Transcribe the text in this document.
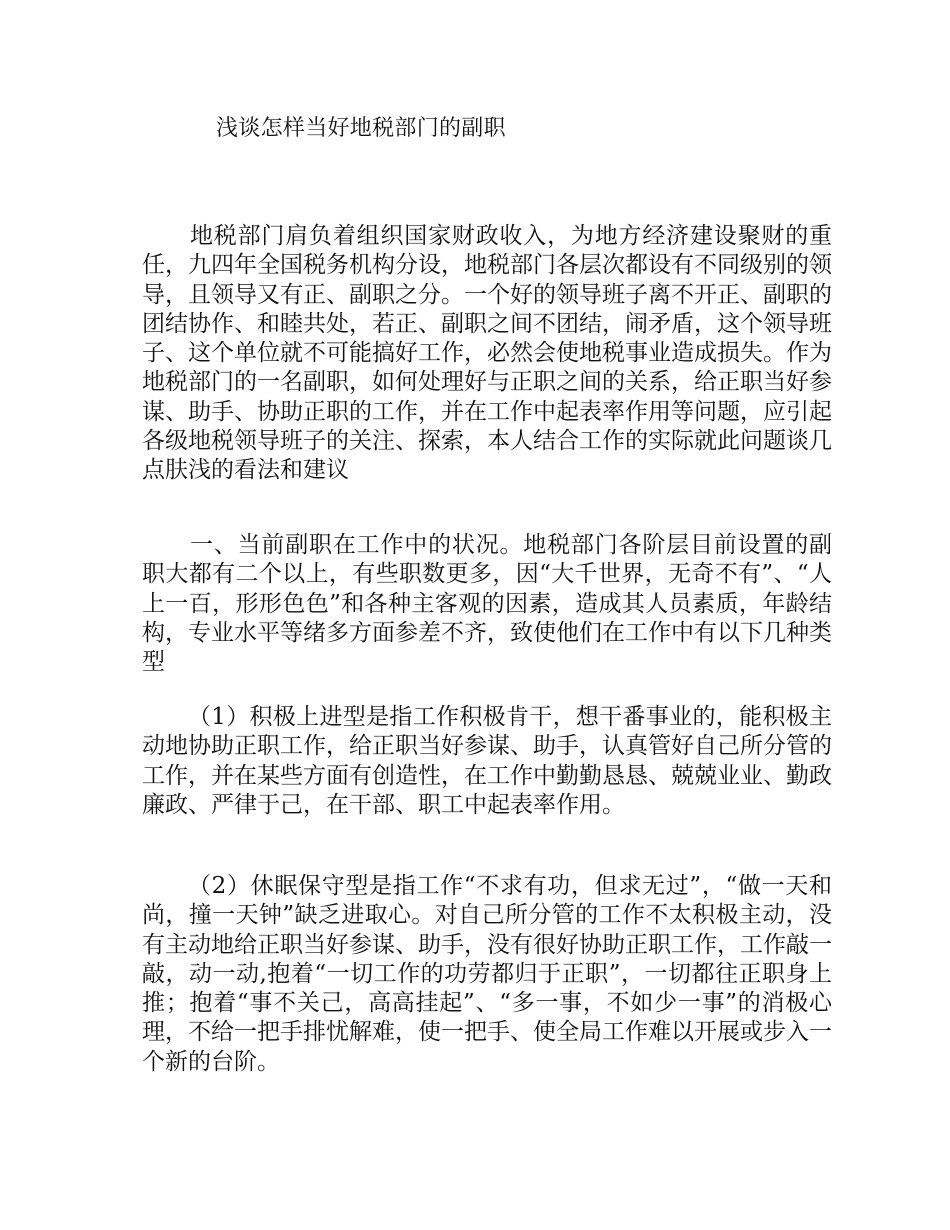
浅谈怎样当好地税部门的副职

地税部门肩负着组织国家财政收入，为地方经济建设聚财的重任，九四年全国税务机构分设，地税部门各层次都设有不同级别的领导，且领导又有正、副职之分。一个好的领导班子离不开正、副职的团结协作、和睦共处，若正、副职之间不团结，闹矛盾，这个领导班子、这个单位就不可能搞好工作，必然会使地税事业造成损失。作为地税部门的一名副职，如何处理好与正职之间的关系，给正职当好参谋、助手、协助正职的工作，并在工作中起表率作用等问题，应引起各级地税领导班子的关注、探索，本人结合工作的实际就此问题谈几点肤浅的看法和建议

一、当前副职在工作中的状况。地税部门各阶层目前设置的副职大都有二个以上，有些职数更多，因“大千世界，无奇不有”、“人上一百，形形色色”和各种主客观的因素，造成其人员素质，年龄结构，专业水平等绪多方面参差不齐，致使他们在工作中有以下几种类型

（1）积极上进型是指工作积极肯干，想干番事业的，能积极主动地协助正职工作，给正职当好参谋、助手，认真管好自己所分管的工作，并在某些方面有创造性，在工作中勤勤恳恳、兢兢业业、勤政廉政、严律于己，在干部、职工中起表率作用。

（2）休眠保守型是指工作“不求有功，但求无过”，“做一天和尚，撞一天钟”缺乏进取心。对自己所分管的工作不太积极主动，没有主动地给正职当好参谋、助手，没有很好协助正职工作，工作敲一敲，动一动,抱着“一切工作的功劳都归于正职”，一切都往正职身上推；抱着“事不关己，高高挂起”、“多一事，不如少一事”的消极心理，不给一把手排忧解难，使一把手、使全局工作难以开展或步入一个新的台阶。
